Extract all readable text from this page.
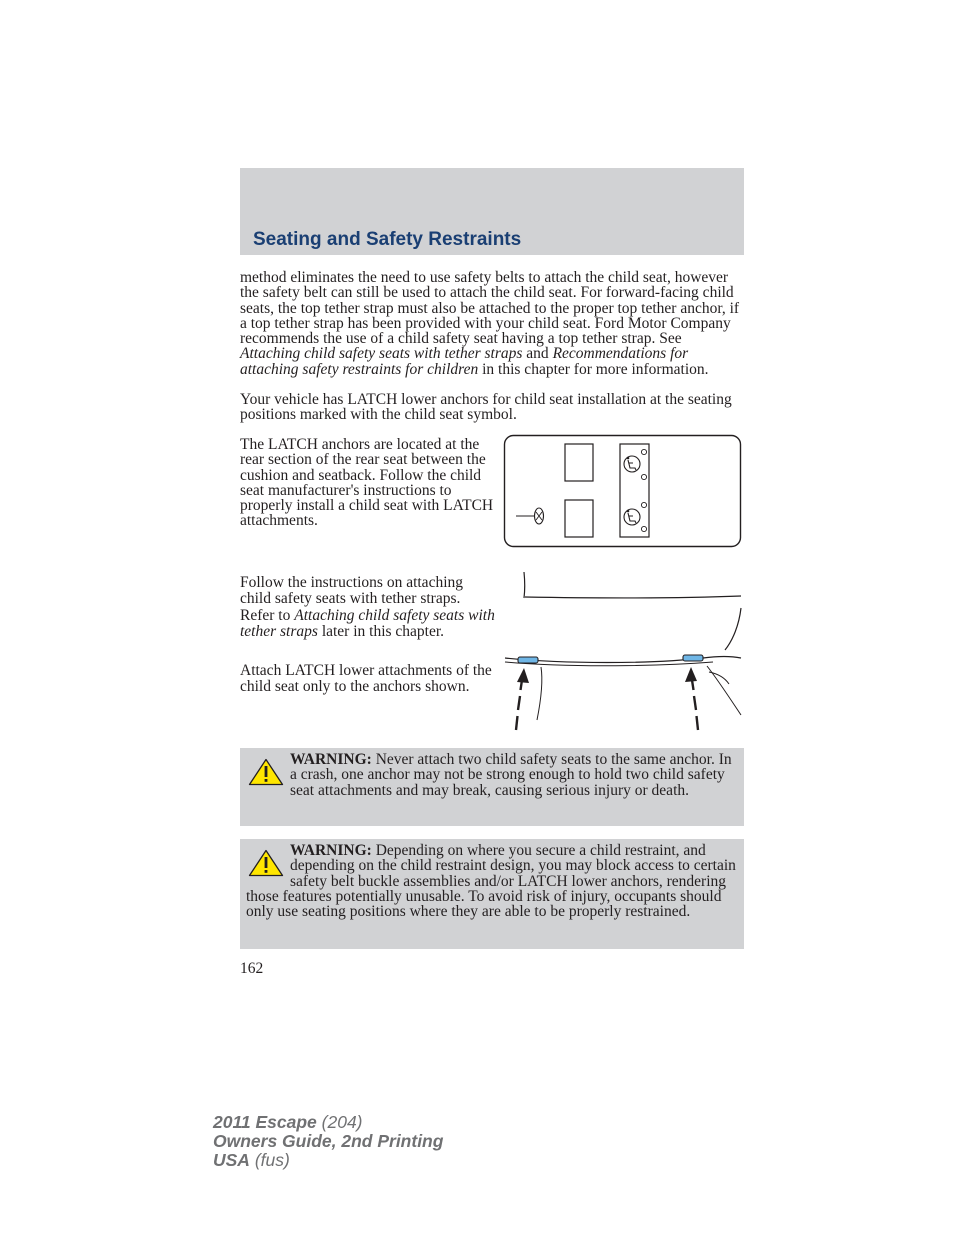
Seating and Safety Restraints

method eliminates the need to use safety belts to attach the child seat, however the safety belt can still be used to attach the child seat. For forward-facing child seats, the top tether strap must also be attached to the proper top tether anchor, if a top tether strap has been provided with your child seat. Ford Motor Company recommends the use of a child safety seat having a top tether strap. See Attaching child safety seats with tether straps and Recommendations for attaching safety restraints for children in this chapter for more information.

Your vehicle has LATCH lower anchors for child seat installation at the seating positions marked with the child seat symbol.

The LATCH anchors are located at the rear section of the rear seat between the cushion and seatback. Follow the child seat manufacturer's instructions to properly install a child seat with LATCH attachments.

Follow the instructions on attaching child safety seats with tether straps. Refer to Attaching child safety seats with tether straps later in this chapter.

Attach LATCH lower attachments of the child seat only to the anchors shown.

WARNING: Never attach two child safety seats to the same anchor. In a crash, one anchor may not be strong enough to hold two child safety seat attachments and may break, causing serious injury or death.

WARNING: Depending on where you secure a child restraint, and depending on the child restraint design, you may block access to certain safety belt buckle assemblies and/or LATCH lower anchors, rendering those features potentially unusable. To avoid risk of injury, occupants should only use seating positions where they are able to be properly restrained.

162
2011 Escape (204)
Owners Guide, 2nd Printing
USA (fus)
